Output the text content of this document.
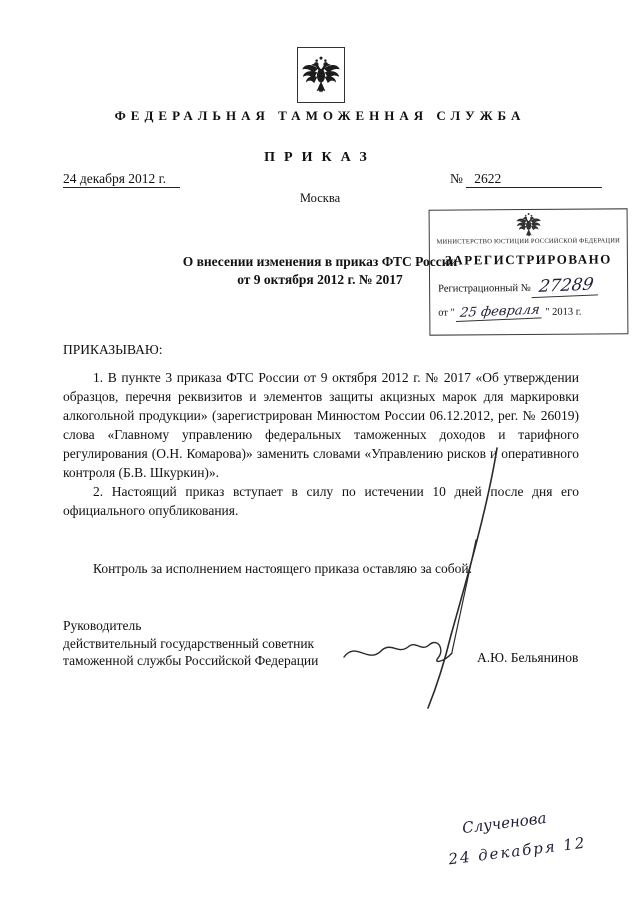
ФЕДЕРАЛЬНАЯ ТАМОЖЕННАЯ СЛУЖБА
ПРИКАЗ
24 декабря 2012 г.	№ 2622
Москва
О внесении изменения в приказ ФТС России
от 9 октября 2012 г. № 2017
МИНИСТЕРСТВО ЮСТИЦИИ РОССИЙСКОЙ ФЕДЕРАЦИИ
ЗАРЕГИСТРИРОВАНО
Регистрационный № 27289
от " 25 февраля " 2013 г.
ПРИКАЗЫВАЮ:

1. В пункте 3 приказа ФТС России от 9 октября 2012 г. № 2017 «Об утверждении образцов, перечня реквизитов и элементов защиты акцизных марок для маркировки алкогольной продукции» (зарегистрирован Минюстом России 06.12.2012, рег. № 26019) слова «Главному управлению федеральных таможенных доходов и тарифного регулирования (О.Н. Комарова)» заменить словами «Управлению рисков и оперативного контроля (Б.В. Шкуркин)».

2. Настоящий приказ вступает в силу по истечении 10 дней после дня его официального опубликования.

Контроль за исполнением настоящего приказа оставляю за собой.
Руководитель
действительный государственный советник
таможенной службы Российской Федерации	А.Ю. Бельянинов
Слученова
24 декабря 12
